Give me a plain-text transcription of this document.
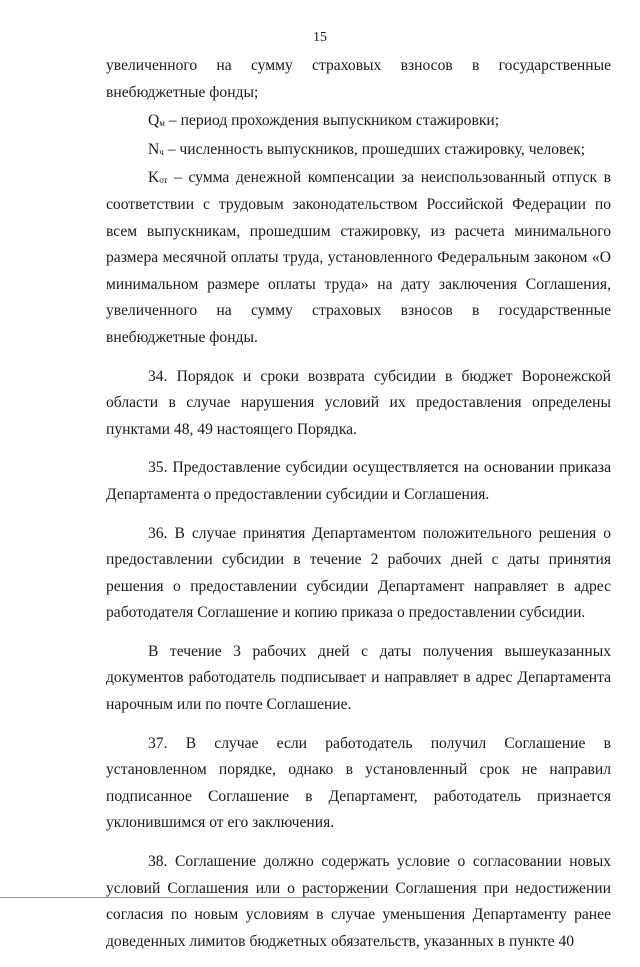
15

увеличенного на сумму страховых взносов в государственные внебюджетные фонды;

$Q_м$ – период прохождения выпускником стажировки;

$N_ч$ – численность выпускников, прошедших стажировку, человек;

$K_{от}$ – сумма денежной компенсации за неиспользованный отпуск в соответствии с трудовым законодательством Российской Федерации по всем выпускникам, прошедшим стажировку, из расчета минимального размера месячной оплаты труда, установленного Федеральным законом «О минимальном размере оплаты труда» на дату заключения Соглашения, увеличенного на сумму страховых взносов в государственные внебюджетные фонды.

34. Порядок и сроки возврата субсидии в бюджет Воронежской области в случае нарушения условий их предоставления определены пунктами 48, 49 настоящего Порядка.

35. Предоставление субсидии осуществляется на основании приказа Департамента о предоставлении субсидии и Соглашения.

36. В случае принятия Департаментом положительного решения о предоставлении субсидии в течение 2 рабочих дней с даты принятия решения о предоставлении субсидии Департамент направляет в адрес работодателя Соглашение и копию приказа о предоставлении субсидии.

В течение 3 рабочих дней с даты получения вышеуказанных документов работодатель подписывает и направляет в адрес Департамента нарочным или по почте Соглашение.

37. В случае если работодатель получил Соглашение в установленном порядке, однако в установленный срок не направил подписанное Соглашение в Департамент, работодатель признается уклонившимся от его заключения.

38. Соглашение должно содержать условие о согласовании новых условий Соглашения или о расторжении Соглашения при недостижении согласия по новым условиям в случае уменьшения Департаменту ранее доведенных лимитов бюджетных обязательств, указанных в пункте 40
